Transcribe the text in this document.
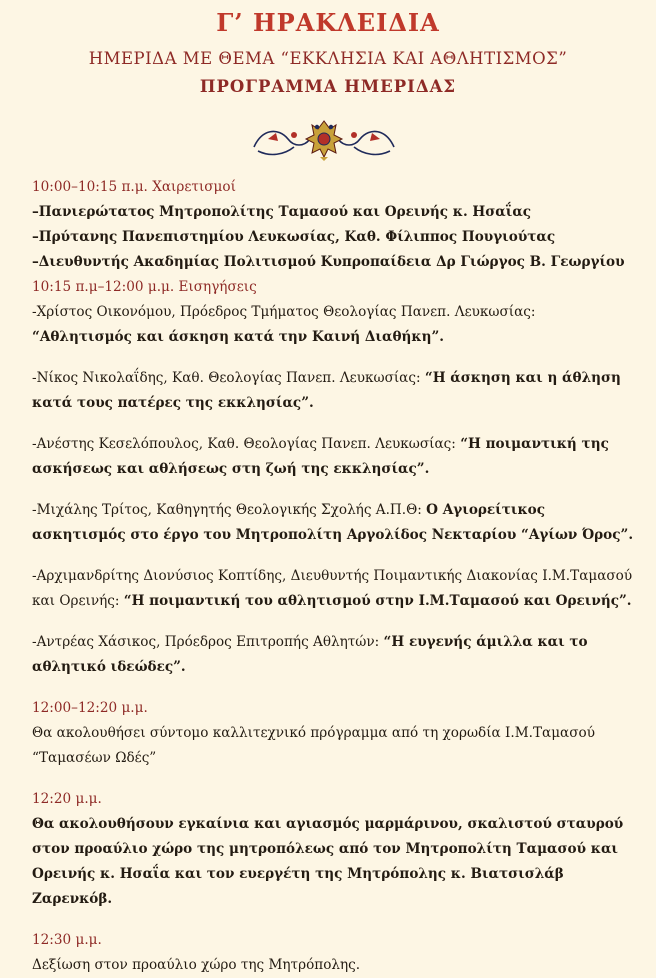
Γ’ ΗΡΑΚΛΕΙΔΙΑ
ΗΜΕΡΙΔΑ ΜΕ ΘΕΜΑ “ΕΚΚΛΗΣΙΑ ΚΑΙ ΑΘΛΗΤΙΣΜΟΣ”
ΠΡΟΓΡΑΜΜΑ ΗΜΕΡΙΔΑΣ

10:00–10:15 π.μ. Χαιρετισμοί

–Πανιερώτατος Μητροπολίτης Ταμασού και Ορεινής κ. Ησαΐας

–Πρύτανης Πανεπιστημίου Λευκωσίας, Καθ. Φίλιππος Πουγιούτας

–Διευθυντής Ακαδημίας Πολιτισμού Κυπροπαίδεια Δρ Γιώργος Β. Γεωργίου

10:15 π.μ–12:00 μ.μ. Εισηγήσεις

-Χρίστος Οικονόμου, Πρόεδρος Τμήματος Θεολογίας Πανεπ. Λευκωσίας: “Αθλητισμός και άσκηση κατά την Καινή Διαθήκη”.

-Νίκος Νικολαΐδης, Καθ. Θεολογίας Πανεπ. Λευκωσίας: “Η άσκηση και η άθληση κατά τους πατέρες της εκκλησίας”.

-Ανέστης Κεσελόπουλος, Καθ. Θεολογίας Πανεπ. Λευκωσίας: “Η ποιμαντική της ασκήσεως και αθλήσεως στη ζωή της εκκλησίας”.

-Μιχάλης Τρίτος, Καθηγητής Θεολογικής Σχολής Α.Π.Θ: Ο Αγιορείτικος ασκητισμός στο έργο του Μητροπολίτη Αργολίδος Νεκταρίου “Αγίων Όρος”.

-Αρχιμανδρίτης Διονύσιος Κοπτίδης, Διευθυντής Ποιμαντικής Διακονίας Ι.Μ.Ταμασού και Ορεινής: “Η ποιμαντική του αθλητισμού στην Ι.Μ.Ταμασού και Ορεινής”.

-Αντρέας Χάσικος, Πρόεδρος Επιτροπής Αθλητών: “Η ευγενής άμιλλα και το αθλητικό ιδεώδες”.

12:00–12:20 μ.μ.

Θα ακολουθήσει σύντομο καλλιτεχνικό πρόγραμμα από τη χορωδία Ι.Μ.Ταμασού “Ταμασέων Ωδές”

12:20 μ.μ.

Θα ακολουθήσουν εγκαίνια και αγιασμός μαρμάρινου, σκαλιστού σταυρού στον προαύλιο χώρο της μητροπόλεως από τον Μητροπολίτη Ταμασού και Ορεινής κ. Ησαΐα και τον ευεργέτη της Μητρόπολης κ. Βιατσισλάβ Ζαρενκόβ.

12:30 μ.μ.

Δεξίωση στον προαύλιο χώρο της Μητρόπολης.
